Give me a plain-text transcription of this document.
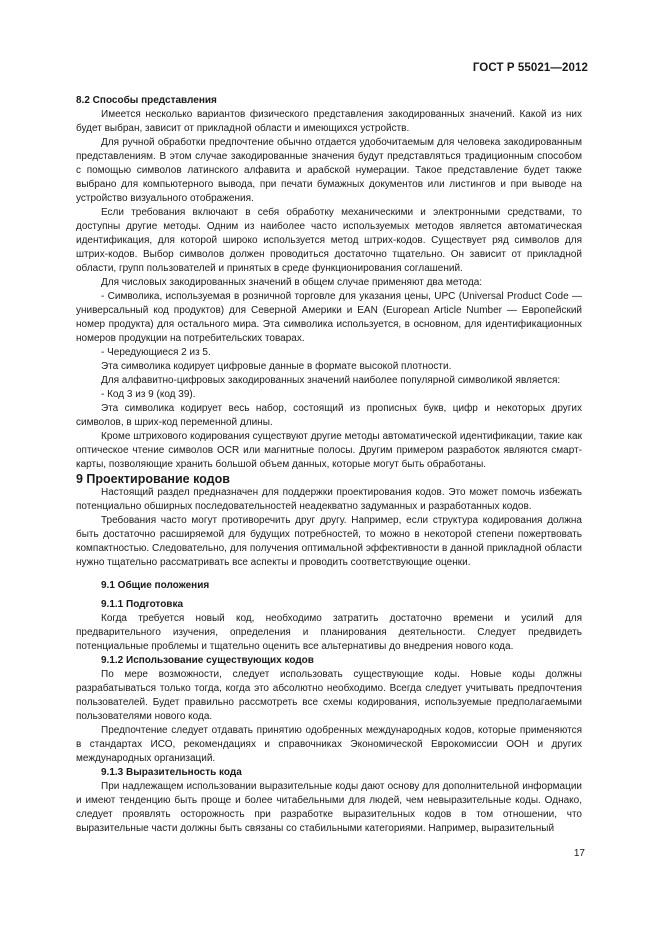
ГОСТ Р 55021—2012

8.2 Способы представления

Имеется несколько вариантов физического представления закодированных значений. Какой из них будет выбран, зависит от прикладной области и имеющихся устройств.

Для ручной обработки предпочтение обычно отдается удобочитаемым для человека закодированным представлениям. В этом случае закодированные значения будут представляться традиционным способом с помощью символов латинского алфавита и арабской нумерации. Такое представление будет также выбрано для компьютерного вывода, при печати бумажных документов или листингов и при выводе на устройство визуального отображения.

Если требования включают в себя обработку механическими и электронными средствами, то доступны другие методы. Одним из наиболее часто используемых методов является автоматическая идентификация, для которой широко используется метод штрих-кодов. Существует ряд символов для штрих-кодов. Выбор символов должен проводиться достаточно тщательно. Он зависит от прикладной области, групп пользователей и принятых в среде функционирования соглашений.

Для числовых закодированных значений в общем случае применяют два метода:

- Символика, используемая в розничной торговле для указания цены, UPC (Universal Product Code — универсальный код продуктов) для Северной Америки и EAN (European Article Number — Европейский номер продукта) для остального мира. Эта символика используется, в основном, для идентификационных номеров продукции на потребительских товарах.

- Чередующиеся 2 из 5.

Эта символика кодирует цифровые данные в формате высокой плотности.

Для алфавитно-цифровых закодированных значений наиболее популярной символикой является:

- Код 3 из 9 (код 39).

Эта символика кодирует весь набор, состоящий из прописных букв, цифр и некоторых других символов, в шрих-код переменной длины.

Кроме штрихового кодирования существуют другие методы автоматической идентификации, такие как оптическое чтение символов OCR или магнитные полосы. Другим примером разработок являются смарт-карты, позволяющие хранить большой объем данных, которые могут быть обработаны.

9 Проектирование кодов

Настоящий раздел предназначен для поддержки проектирования кодов. Это может помочь избежать потенциально обширных последовательностей неадекватно задуманных и разработанных кодов.

Требования часто могут противоречить друг другу. Например, если структура кодирования должна быть достаточно расширяемой для будущих потребностей, то можно в некоторой степени пожертвовать компактностью. Следовательно, для получения оптимальной эффективности в данной прикладной области нужно тщательно рассматривать все аспекты и проводить соответствующие оценки.

9.1 Общие положения

9.1.1 Подготовка

Когда требуется новый код, необходимо затратить достаточно времени и усилий для предварительного изучения, определения и планирования деятельности. Следует предвидеть потенциальные проблемы и тщательно оценить все альтернативы до внедрения нового кода.

9.1.2 Использование существующих кодов

По мере возможности, следует использовать существующие коды. Новые коды должны разрабатываться только тогда, когда это абсолютно необходимо. Всегда следует учитывать предпочтения пользователей. Будет правильно рассмотреть все схемы кодирования, используемые предполагаемыми пользователями нового кода.

Предпочтение следует отдавать принятию одобренных международных кодов, которые применяются в стандартах ИСО, рекомендациях и справочниках Экономической Еврокомиссии ООН и других международных организаций.

9.1.3 Выразительность кода

При надлежащем использовании выразительные коды дают основу для дополнительной информации и имеют тенденцию быть проще и более читабельными для людей, чем невыразительные коды. Однако, следует проявлять осторожность при разработке выразительных кодов в том отношении, что выразительные части должны быть связаны со стабильными категориями. Например, выразительный

17
